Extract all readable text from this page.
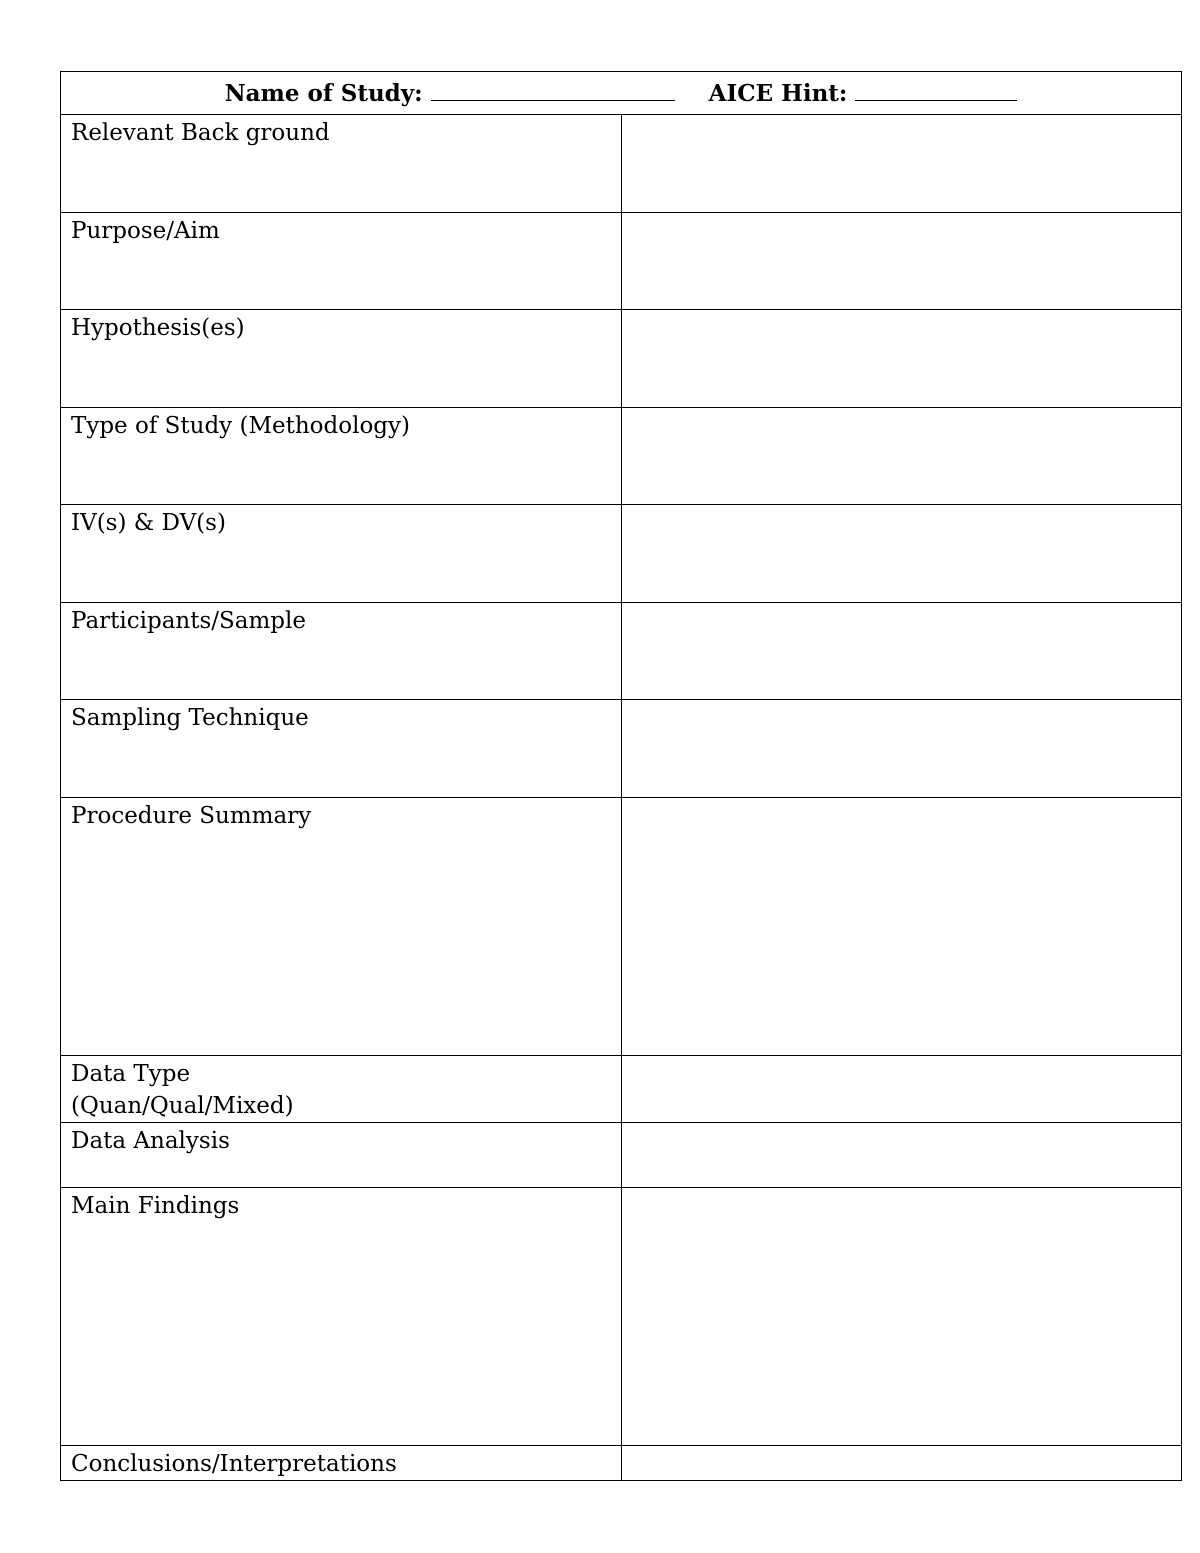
Name of Study: AICE Hint:	

Relevant Back ground	

Purpose/Aim	

Hypothesis(es)	

Type of Study (Methodology)	

IV(s) & DV(s)	

Participants/Sample	

Sampling Technique	

Procedure Summary	

Data Type
(Quan/Qual/Mixed)	

Data Analysis	

Main Findings	

Conclusions/Interpretations	
